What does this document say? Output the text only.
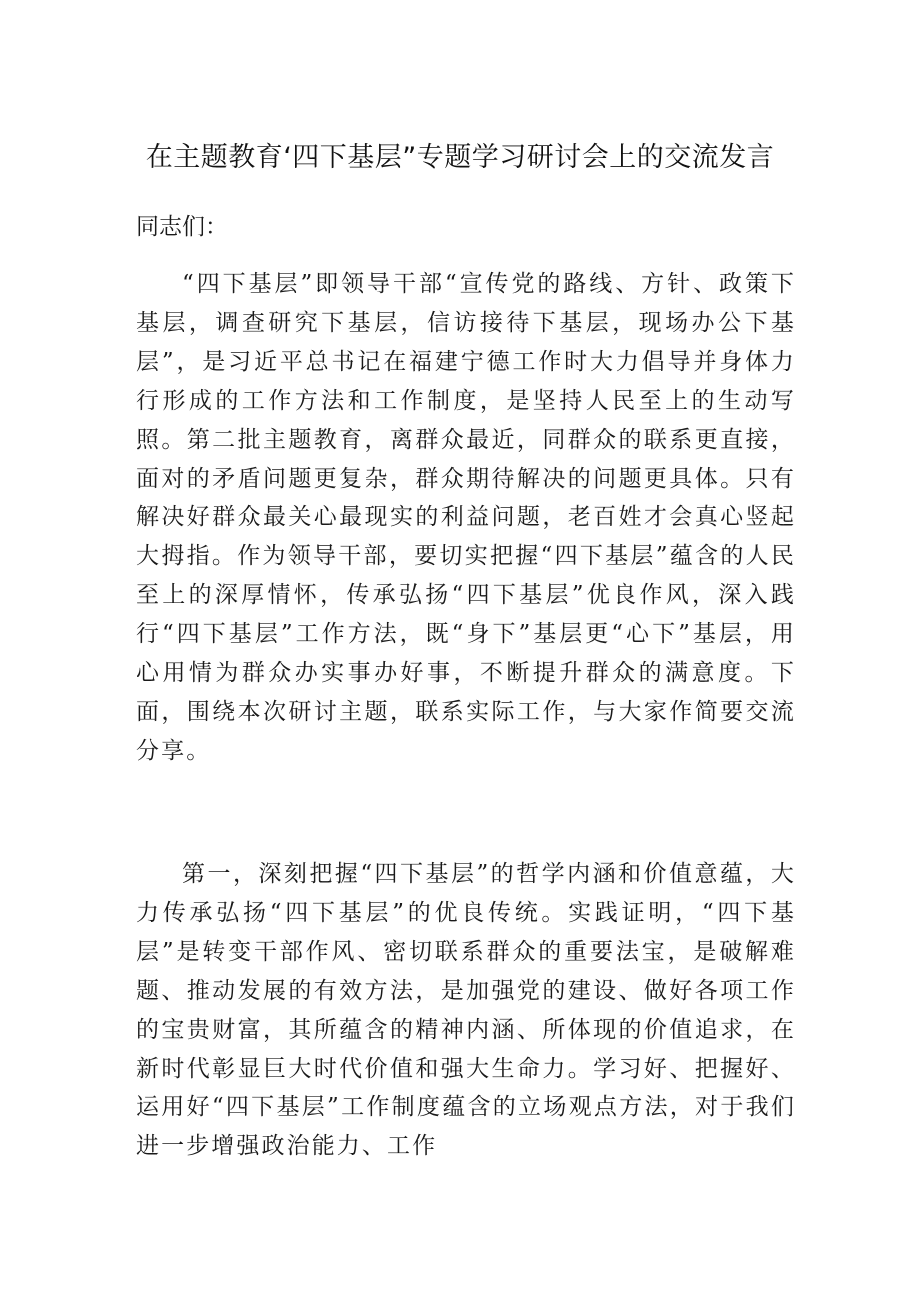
在主题教育‘四下基层”专题学习研讨会上的交流发言

同志们：

“四下基层”即领导干部“宣传党的路线、方针、政策下基层，调查研究下基层，信访接待下基层，现场办公下基层”，是习近平总书记在福建宁德工作时大力倡导并身体力行形成的工作方法和工作制度，是坚持人民至上的生动写照。第二批主题教育，离群众最近，同群众的联系更直接，面对的矛盾问题更复杂，群众期待解决的问题更具体。只有解决好群众最关心最现实的利益问题，老百姓才会真心竖起大拇指。作为领导干部，要切实把握“四下基层”蕴含的人民至上的深厚情怀，传承弘扬“四下基层”优良作风，深入践行“四下基层”工作方法，既“身下”基层更“心下”基层，用心用情为群众办实事办好事，不断提升群众的满意度。下面，围绕本次研讨主题，联系实际工作，与大家作简要交流分享。

第一，深刻把握“四下基层”的哲学内涵和价值意蕴，大力传承弘扬“四下基层”的优良传统。实践证明，“四下基层”是转变干部作风、密切联系群众的重要法宝，是破解难题、推动发展的有效方法，是加强党的建设、做好各项工作的宝贵财富，其所蕴含的精神内涵、所体现的价值追求，在新时代彰显巨大时代价值和强大生命力。学习好、把握好、运用好“四下基层”工作制度蕴含的立场观点方法，对于我们进一步增强政治能力、工作
